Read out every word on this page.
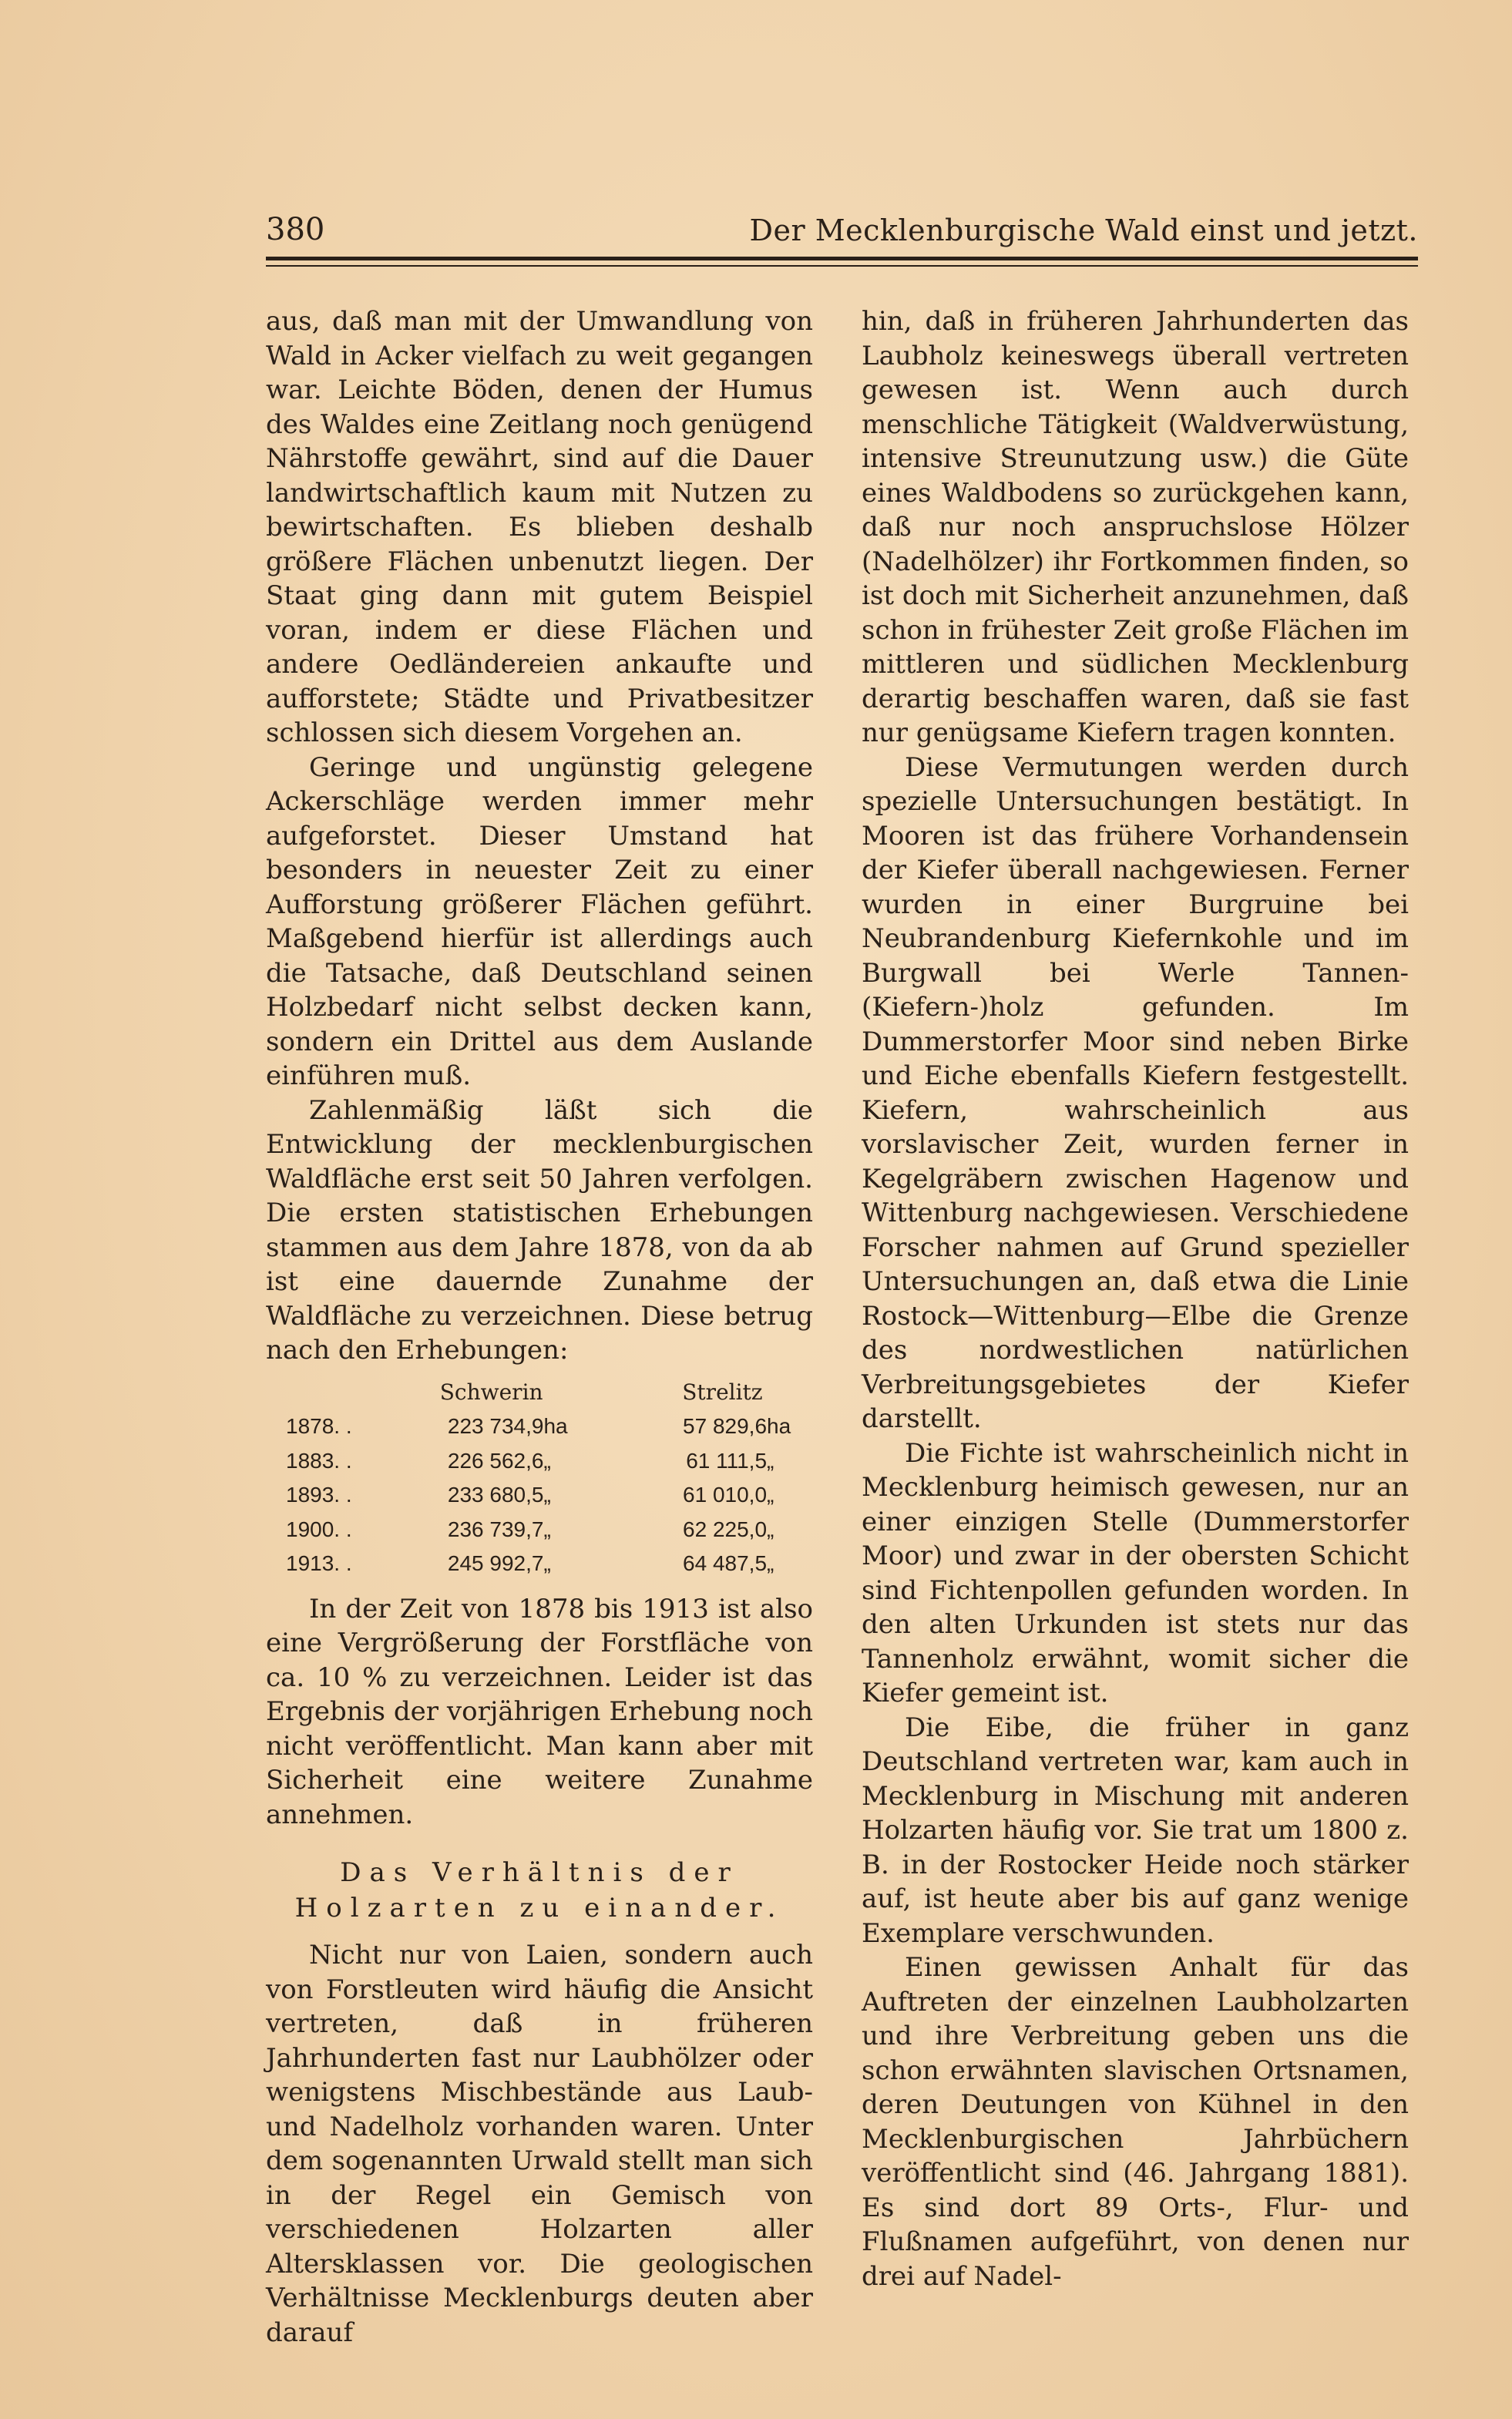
380	Der Mecklenburgische Wald einst und jetzt.

aus, daß man mit der Umwandlung von Wald in Acker vielfach zu weit gegangen war. Leichte Böden, denen der Humus des Waldes eine Zeitlang noch genügend Nährstoffe gewährt, sind auf die Dauer landwirtschaftlich kaum mit Nutzen zu bewirtschaften. Es blieben deshalb größere Flächen unbenutzt liegen. Der Staat ging dann mit gutem Beispiel voran, indem er diese Flächen und andere Oedländereien ankaufte und aufforstete; Städte und Privatbesitzer schlossen sich diesem Vorgehen an.

Geringe und ungünstig gelegene Ackerschläge werden immer mehr aufgeforstet. Dieser Umstand hat besonders in neuester Zeit zu einer Aufforstung größerer Flächen geführt. Maßgebend hierfür ist allerdings auch die Tatsache, daß Deutschland seinen Holzbedarf nicht selbst decken kann, sondern ein Drittel aus dem Auslande einführen muß.

Zahlenmäßig läßt sich die Entwicklung der mecklenburgischen Waldfläche erst seit 50 Jahren verfolgen. Die ersten statistischen Erhebungen stammen aus dem Jahre 1878, von da ab ist eine dauernde Zunahme der Waldfläche zu verzeichnen. Diese betrug nach den Erhebungen:

	Schwerin		Strelitz	
1878. .	223 734,9	ha	57 829,6	ha
1883. .	226 562,6	„	61 111,5	„
1893. .	233 680,5	„	61 010,0	„
1900. .	236 739,7	„	62 225,0	„
1913. .	245 992,7	„	64 487,5	„

In der Zeit von 1878 bis 1913 ist also eine Vergrößerung der Forstfläche von ca. 10 % zu verzeichnen. Leider ist das Ergebnis der vorjährigen Erhebung noch nicht veröffentlicht. Man kann aber mit Sicherheit eine weitere Zunahme annehmen.

Das Verhältnis der Holzarten zu einander.

Nicht nur von Laien, sondern auch von Forstleuten wird häufig die Ansicht vertreten, daß in früheren Jahrhunderten fast nur Laubhölzer oder wenigstens Mischbestände aus Laub- und Nadelholz vorhanden waren. Unter dem sogenannten Urwald stellt man sich in der Regel ein Gemisch von verschiedenen Holzarten aller Altersklassen vor. Die geologischen Verhältnisse Mecklenburgs deuten aber darauf

hin, daß in früheren Jahrhunderten das Laubholz keineswegs überall vertreten gewesen ist. Wenn auch durch menschliche Tätigkeit (Waldverwüstung, intensive Streunutzung usw.) die Güte eines Waldbodens so zurückgehen kann, daß nur noch anspruchslose Hölzer (Nadelhölzer) ihr Fortkommen finden, so ist doch mit Sicherheit anzunehmen, daß schon in frühester Zeit große Flächen im mittleren und südlichen Mecklenburg derartig beschaffen waren, daß sie fast nur genügsame Kiefern tragen konnten.

Diese Vermutungen werden durch spezielle Untersuchungen bestätigt. In Mooren ist das frühere Vorhandensein der Kiefer überall nachgewiesen. Ferner wurden in einer Burgruine bei Neubrandenburg Kiefernkohle und im Burgwall bei Werle Tannen-(Kiefern-)holz gefunden. Im Dummerstorfer Moor sind neben Birke und Eiche ebenfalls Kiefern festgestellt. Kiefern, wahrscheinlich aus vorslavischer Zeit, wurden ferner in Kegelgräbern zwischen Hagenow und Wittenburg nachgewiesen. Verschiedene Forscher nahmen auf Grund spezieller Untersuchungen an, daß etwa die Linie Rostock—Wittenburg—Elbe die Grenze des nordwestlichen natürlichen Verbreitungsgebietes der Kiefer darstellt.

Die Fichte ist wahrscheinlich nicht in Mecklenburg heimisch gewesen, nur an einer einzigen Stelle (Dummerstorfer Moor) und zwar in der obersten Schicht sind Fichtenpollen gefunden worden. In den alten Urkunden ist stets nur das Tannenholz erwähnt, womit sicher die Kiefer gemeint ist.

Die Eibe, die früher in ganz Deutschland vertreten war, kam auch in Mecklenburg in Mischung mit anderen Holzarten häufig vor. Sie trat um 1800 z. B. in der Rostocker Heide noch stärker auf, ist heute aber bis auf ganz wenige Exemplare verschwunden.

Einen gewissen Anhalt für das Auftreten der einzelnen Laubholzarten und ihre Verbreitung geben uns die schon erwähnten slavischen Ortsnamen, deren Deutungen von Kühnel in den Mecklenburgischen Jahrbüchern veröffentlicht sind (46. Jahrgang 1881). Es sind dort 89 Orts-, Flur- und Flußnamen aufgeführt, von denen nur drei auf Nadel-
